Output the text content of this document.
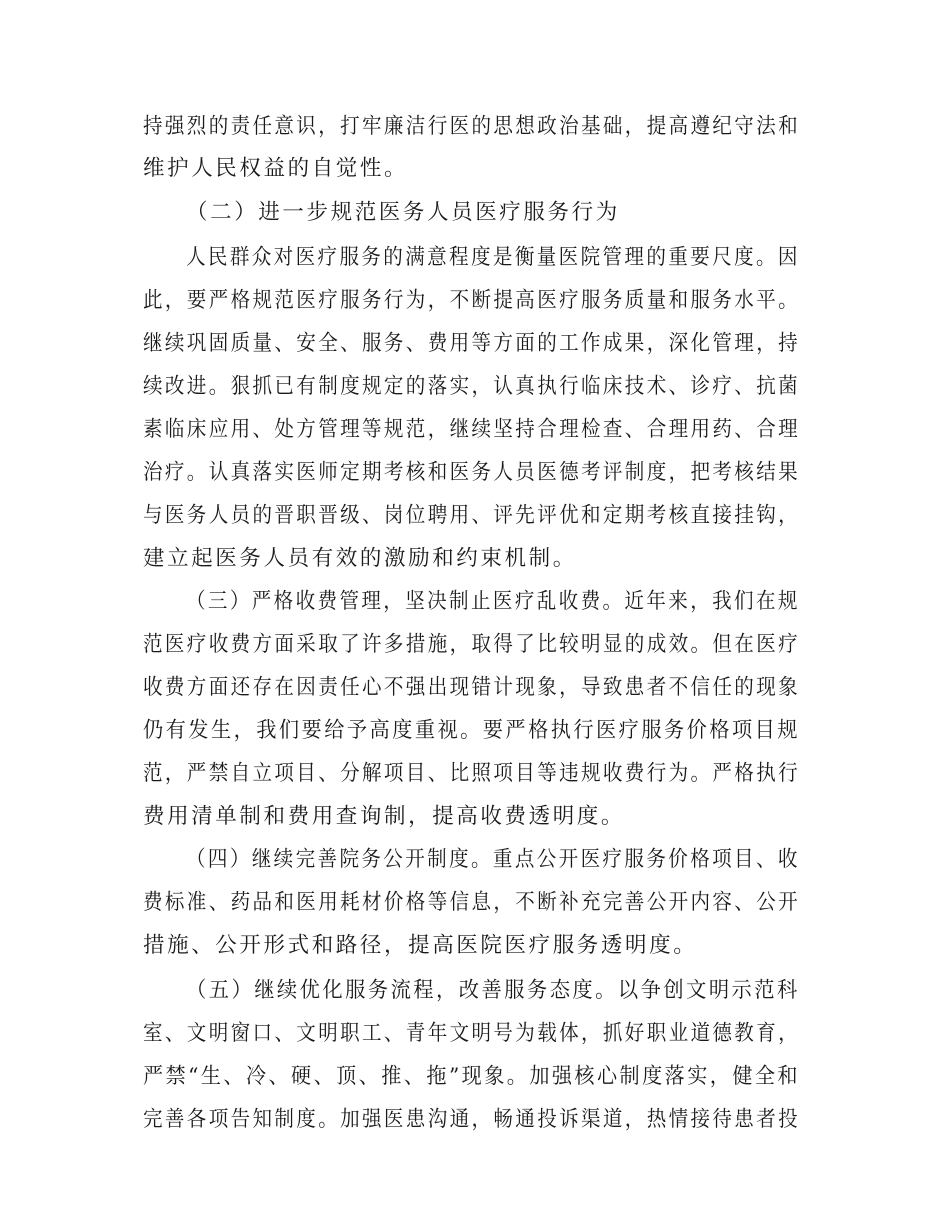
持强烈的责任意识，打牢廉洁行医的思想政治基础，提高遵纪守法和
维护人民权益的自觉性。
（二）进一步规范医务人员医疗服务行为
人民群众对医疗服务的满意程度是衡量医院管理的重要尺度。因
此，要严格规范医疗服务行为，不断提高医疗服务质量和服务水平。
继续巩固质量、安全、服务、费用等方面的工作成果，深化管理，持
续改进。狠抓已有制度规定的落实，认真执行临床技术、诊疗、抗菌
素临床应用、处方管理等规范，继续坚持合理检查、合理用药、合理
治疗。认真落实医师定期考核和医务人员医德考评制度，把考核结果
与医务人员的晋职晋级、岗位聘用、评先评优和定期考核直接挂钩，
建立起医务人员有效的激励和约束机制。
（三）严格收费管理，坚决制止医疗乱收费。近年来，我们在规
范医疗收费方面采取了许多措施，取得了比较明显的成效。但在医疗
收费方面还存在因责任心不强出现错计现象，导致患者不信任的现象
仍有发生，我们要给予高度重视。要严格执行医疗服务价格项目规
范，严禁自立项目、分解项目、比照项目等违规收费行为。严格执行
费用清单制和费用查询制，提高收费透明度。
（四）继续完善院务公开制度。重点公开医疗服务价格项目、收
费标准、药品和医用耗材价格等信息，不断补充完善公开内容、公开
措施、公开形式和路径，提高医院医疗服务透明度。
（五）继续优化服务流程，改善服务态度。以争创文明示范科
室、文明窗口、文明职工、青年文明号为载体，抓好职业道德教育，
严禁“生、冷、硬、顶、推、拖”现象。加强核心制度落实，健全和
完善各项告知制度。加强医患沟通，畅通投诉渠道，热情接待患者投
